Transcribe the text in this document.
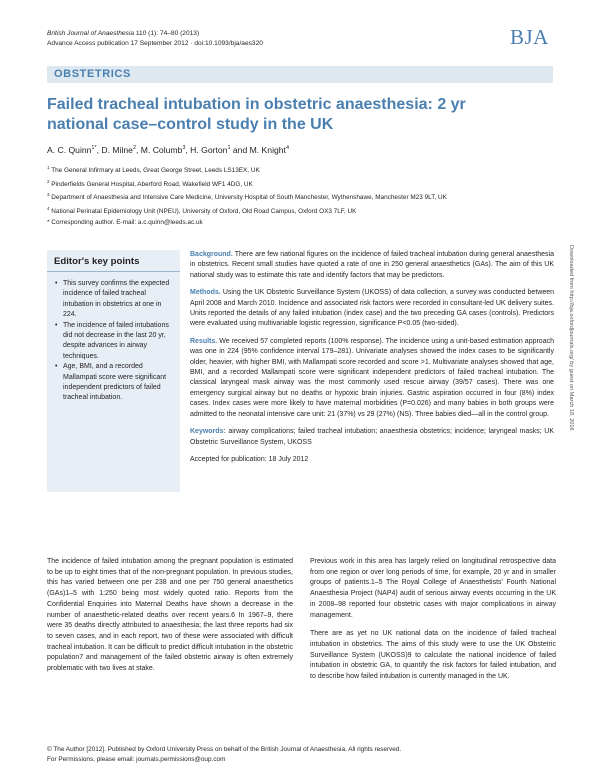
British Journal of Anaesthesia 110 (1): 74–80 (2013)
Advance Access publication 17 September 2012 · doi:10.1093/bja/aes320	BJA
OBSTETRICS
Failed tracheal intubation in obstetric anaesthesia: 2 yr national case–control study in the UK
A. C. Quinn$^{1*}$, D. Milne$^2$, M. Columb$^3$, H. Gorton$^1$ and M. Knight$^4$
$^1$ The General Infirmary at Leeds, Great George Street, Leeds LS13EX, UK
$^2$ Pinderfields General Hospital, Aberford Road, Wakefield WF1 4DG, UK
$^3$ Department of Anaesthesia and Intensive Care Medicine, University Hospital of South Manchester, Wythenshawe, Manchester M23 9LT, UK
$^4$ National Perinatal Epidemiology Unit (NPEU), University of Oxford, Old Road Campus, Oxford OX3 7LF, UK
* Corresponding author. E-mail: a.c.quinn@leeds.ac.uk
Editor's key points
• This survey confirms the expected incidence of failed tracheal intubation in obstetrics at one in 224.
• The incidence of failed intubations did not decrease in the last 20 yr, despite advances in airway techniques.
• Age, BMI, and a recorded Mallampati score were significant independent predictors of failed tracheal intubation.

Background. There are few national figures on the incidence of failed tracheal intubation during general anaesthesia in obstetrics. Recent small studies have quoted a rate of one in 250 general anaesthetics (GAs). The aim of this UK national study was to estimate this rate and identify factors that may be predictors.

Methods. Using the UK Obstetric Surveillance System (UKOSS) of data collection, a survey was conducted between April 2008 and March 2010. Incidence and associated risk factors were recorded in consultant-led UK delivery suites. Units reported the details of any failed intubation (index case) and the two preceding GA cases (controls). Predictors were evaluated using multivariable logistic regression, significance P<0.05 (two-sided).

Results. We received 57 completed reports (100% response). The incidence using a unit-based estimation approach was one in 224 (95% confidence interval 179–281). Univariate analyses showed the index cases to be significantly older, heavier, with higher BMI, with Mallampati score recorded and score >1. Multivariate analyses showed that age, BMI, and a recorded Mallampati score were significant independent predictors of failed tracheal intubation. The classical laryngeal mask airway was the most commonly used rescue airway (39/57 cases). There was one emergency surgical airway but no deaths or hypoxic brain injuries. Gastric aspiration occurred in four (8%) index cases. Index cases were more likely to have maternal morbidities (P=0.026) and many babies in both groups were admitted to the neonatal intensive care unit: 21 (37%) vs 29 (27%) (NS). Three babies died—all in the control group.

Keywords: airway complications; failed tracheal intubation; anaesthesia obstetrics; incidence; laryngeal masks; UK Obstetric Surveillance System, UKOSS

Accepted for publication: 18 July 2012

Downloaded from http://bja.oxfordjournals.org/ by guest on March 18, 2016

The incidence of failed intubation among the pregnant population is estimated to be up to eight times that of the non-pregnant population. In previous studies, this has varied between one per 238 and one per 750 general anaesthetics (GAs)1–5 with 1:250 being most widely quoted ratio. Reports from the Confidential Enquiries into Maternal Deaths have shown a decrease in the number of anaesthetic-related deaths over recent years.6 In 1967–9, there were 35 deaths directly attributed to anaesthesia; the last three reports had six to seven cases, and in each report, two of these were associated with difficult tracheal intubation. It can be difficult to predict difficult intubation in the obstetric population7 and management of the failed obstetric airway is often extremely problematic with two lives at stake.

Previous work in this area has largely relied on longitudinal retrospective data from one region or over long periods of time, for example, 20 yr and in smaller groups of patients.1–5 The Royal College of Anaesthetists' Fourth National Anaesthesia Project (NAP4) audit of serious airway events occurring in the UK in 2008–98 reported four obstetric cases with major complications in airway management.

There are as yet no UK national data on the incidence of failed tracheal intubation in obstetrics. The aims of this study were to use the UK Obstetric Surveillance System (UKOSS)9 to calculate the national incidence of failed intubation in obstetric GA, to quantify the risk factors for failed intubation, and to describe how failed intubation is currently managed in the UK.

© The Author [2012]. Published by Oxford University Press on behalf of the British Journal of Anaesthesia. All rights reserved.
For Permissions, please email: journals.permissions@oup.com
